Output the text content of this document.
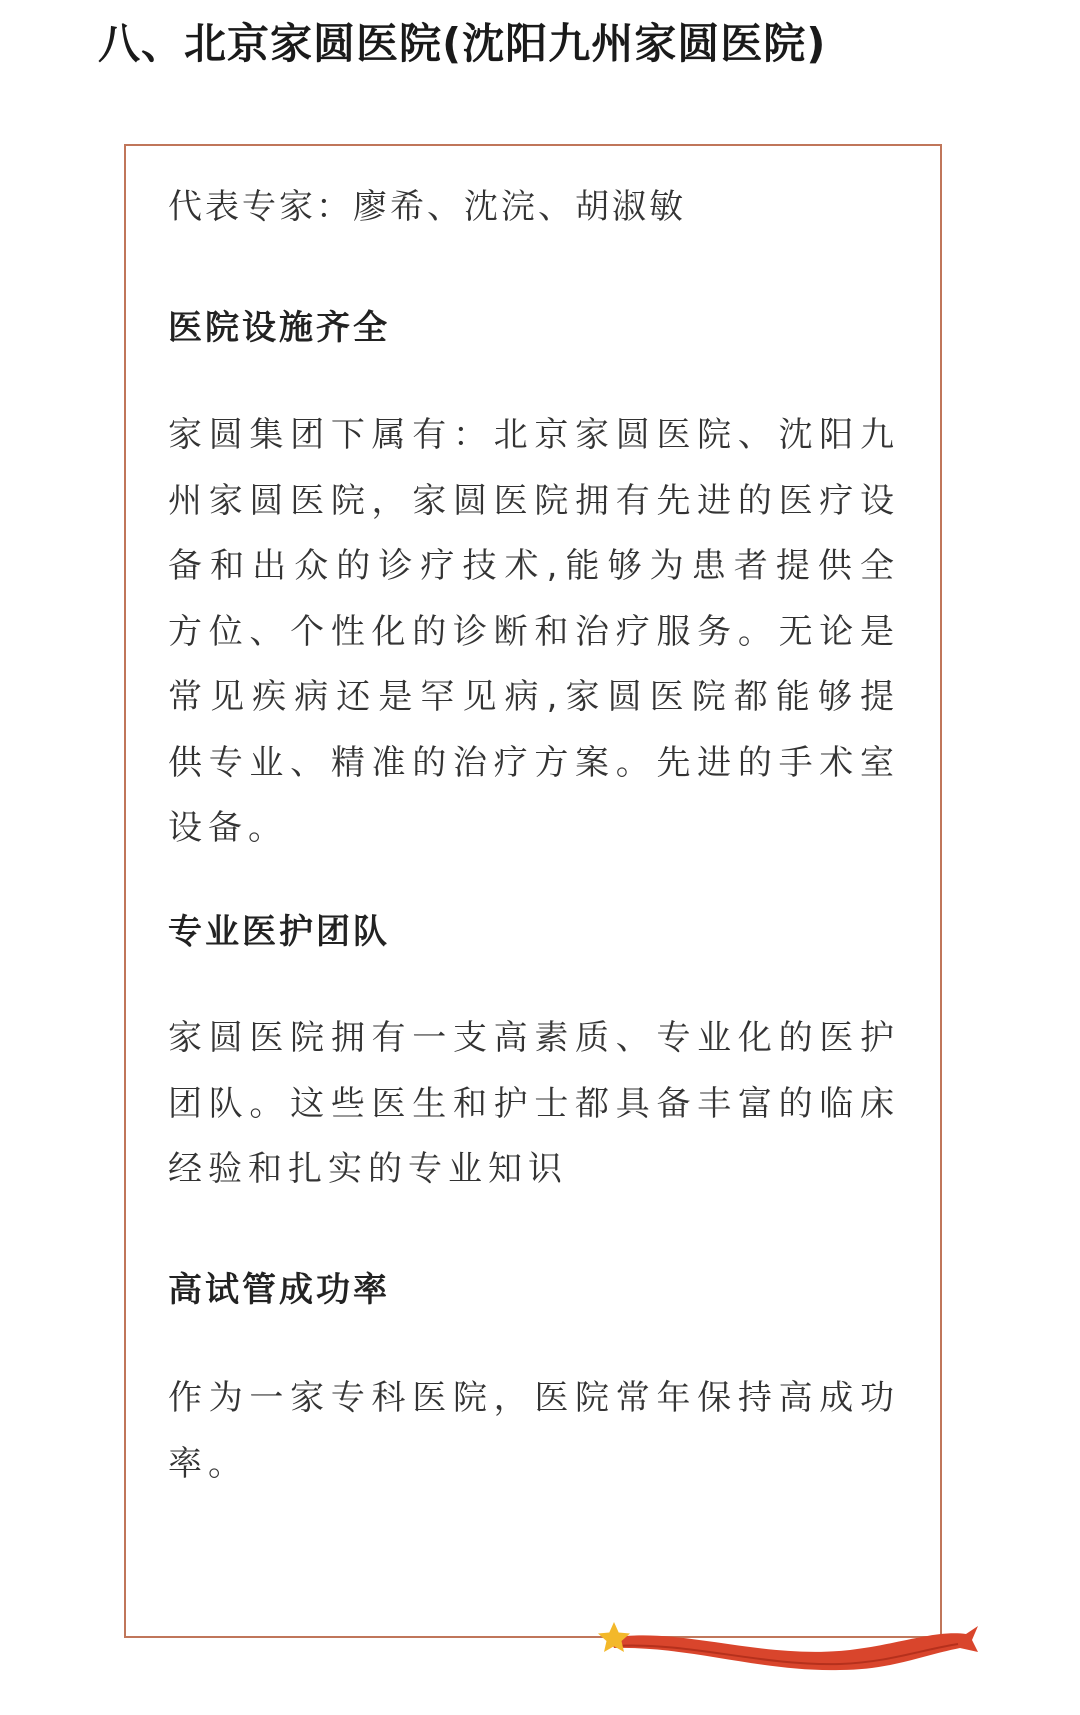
八、北京家圆医院(沈阳九州家圆医院)
代表专家：廖希、沈浣、胡淑敏
医院设施齐全

家圆集团下属有：北京家圆医院、沈阳九州家圆医院，家圆医院拥有先进的医疗设备和出众的诊疗技术,能够为患者提供全方位、个性化的诊断和治疗服务。无论是常见疾病还是罕见病,家圆医院都能够提供专业、精准的治疗方案。先进的手术室设备。

专业医护团队

家圆医院拥有一支高素质、专业化的医护团队。这些医生和护士都具备丰富的临床经验和扎实的专业知识

高试管成功率

作为一家专科医院，医院常年保持高成功率。
